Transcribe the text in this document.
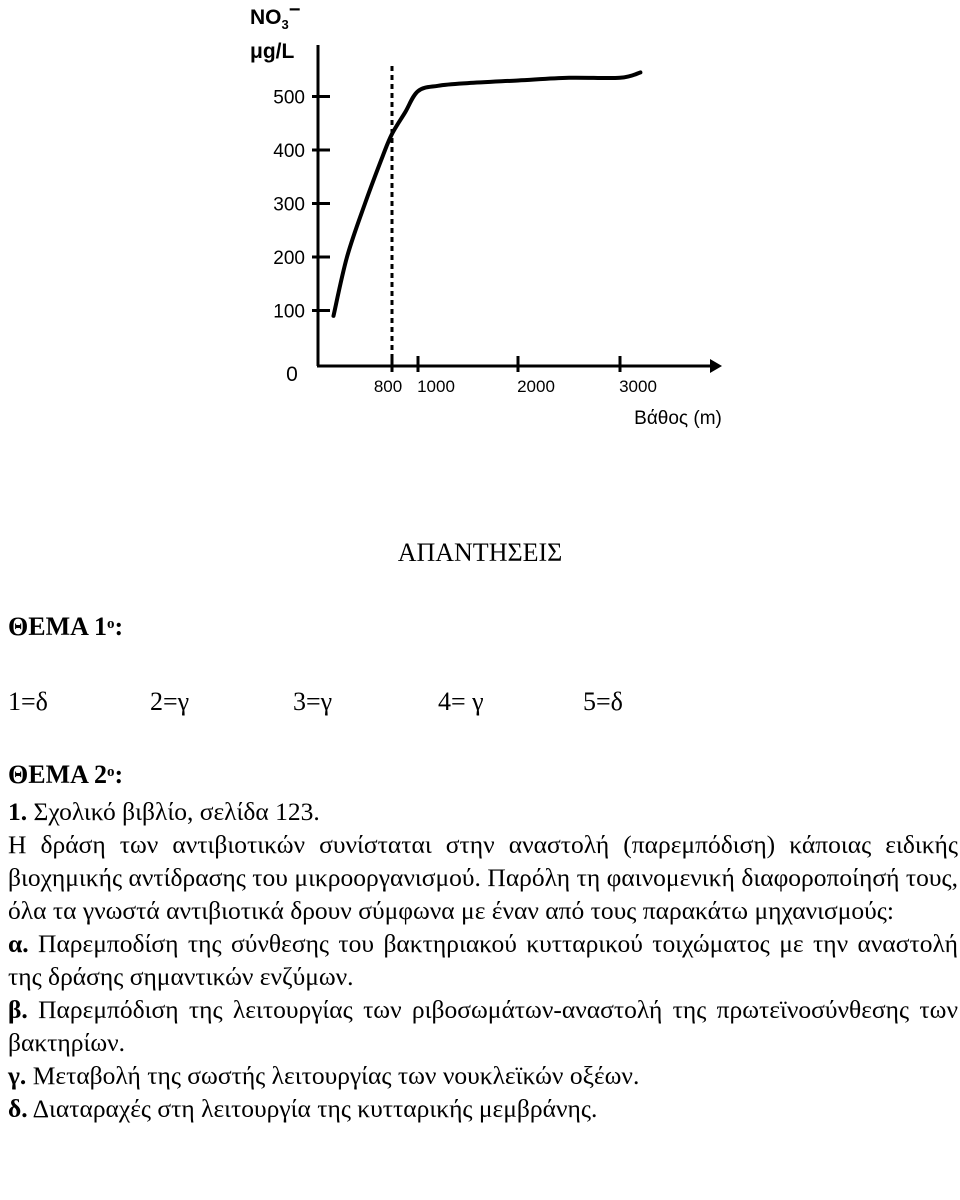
100
200
300
400
500
0
800 1000	2000	3000
$NO_3-$
μg/L
Βάθος (m)
ΑΠΑΝΤΗΣΕΙΣ
ΘΕΜΑ $1^o$:
1=δ	2=γ	3=γ	4= γ	5=δ
ΘΕΜΑ $2^o$:

1. Σχολικό βιβλίο, σελίδα 123.

Η δράση των αντιβιοτικών συνίσταται στην αναστολή (παρεμπόδιση) κάποιας ειδικής βιοχημικής αντίδρασης του μικροοργανισμού. Παρόλη τη φαινομενική διαφοροποίησή τους, όλα τα γνωστά αντιβιοτικά δρουν σύμφωνα με έναν από τους παρακάτω μηχανισμούς:

α. Παρεμποδίση της σύνθεσης του βακτηριακού κυτταρικού τοιχώματος με την αναστολή της δράσης σημαντικών ενζύμων.

β. Παρεμπόδιση της λειτουργίας των ριβοσωμάτων-αναστολή της πρωτεϊνοσύνθεσης των βακτηρίων.

γ. Μεταβολή της σωστής λειτουργίας των νουκλεϊκών οξέων.

δ. Διαταραχές στη λειτουργία της κυτταρικής μεμβράνης.
